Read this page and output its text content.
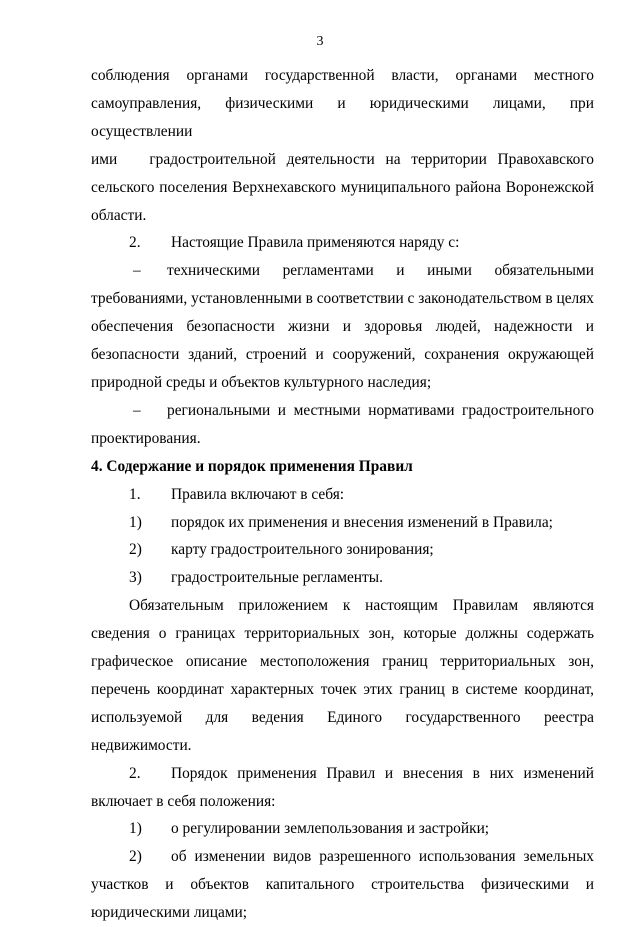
3

соблюдения органами государственной власти, органами местного

самоуправления, физическими и юридическими лицами, при осуществлении

ими   градостроительной деятельности на территории Правохавского

сельского поселения Верхнехавского муниципального района Воронежской

области.

2.	Настоящие Правила применяются наряду с:
–	техническими регламентами и иными обязательными

требованиями, установленными в соответствии с законодательством в целях обеспечения безопасности жизни и здоровья людей, надежности и безопасности зданий, строений и сооружений, сохранения окружающей природной среды и объектов культурного наследия;

–	региональными и местными нормативами градостроительного

проектирования.

4. Содержание и порядок применения Правил

1.	Правила включают в себя:
1)	порядок их применения и внесения изменений в Правила;
2)	карту градостроительного зонирования;
3)	градостроительные регламенты.

Обязательным приложением к настоящим Правилам являются сведения о границах территориальных зон, которые должны содержать графическое описание местоположения границ территориальных зон, перечень координат характерных точек этих границ в системе координат, используемой для ведения Единого государственного реестра недвижимости.

2.	Порядок применения Правил и внесения в них изменений

включает в себя положения:

1)	о регулировании землепользования и застройки;
2)	об изменении видов разрешенного использования земельных

участков и объектов капитального строительства физическими и юридическими лицами;
